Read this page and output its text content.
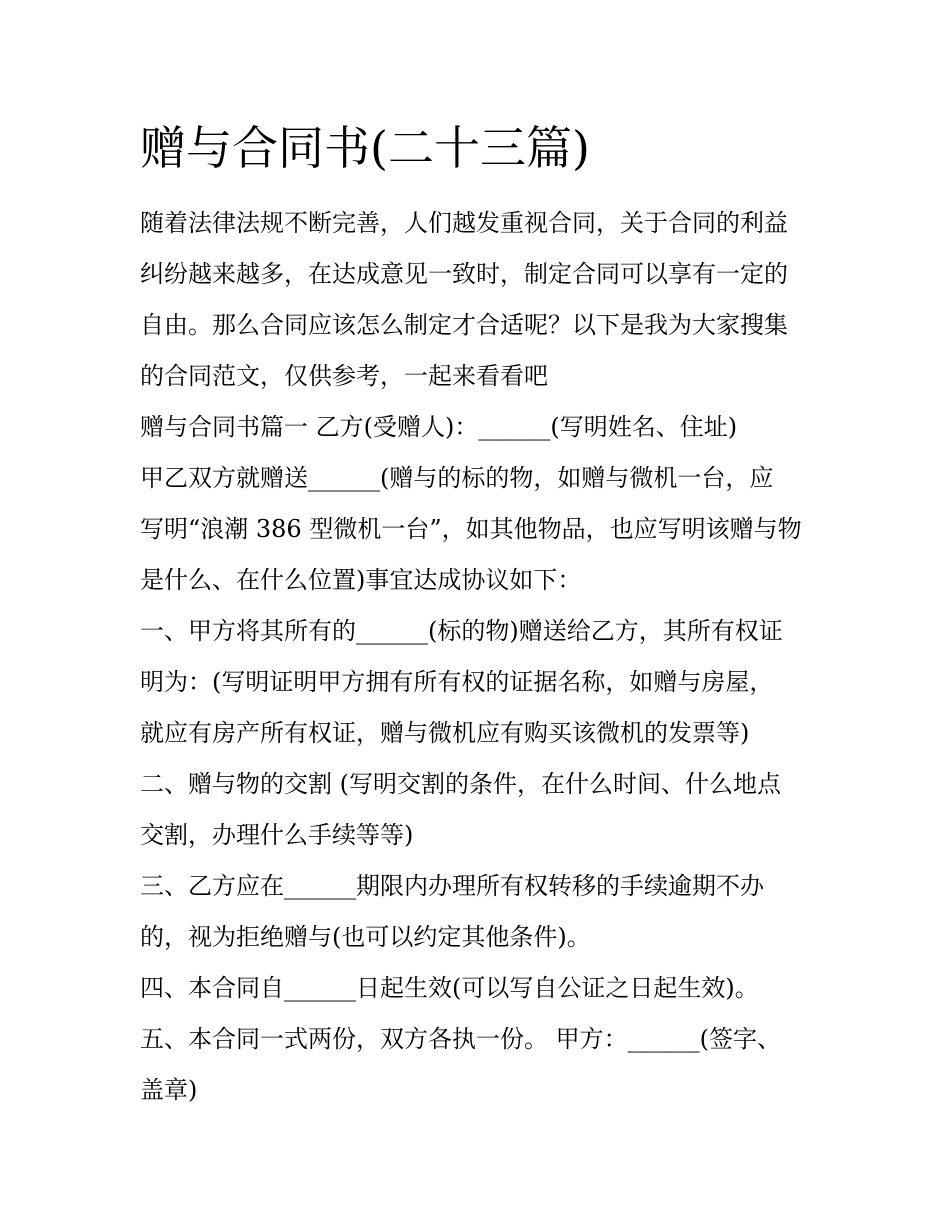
赠与合同书(二十三篇)
随着法律法规不断完善，人们越发重视合同，关于合同的利益
纠纷越来越多，在达成意见一致时，制定合同可以享有一定的
自由。那么合同应该怎么制定才合适呢？以下是我为大家搜集
的合同范文，仅供参考，一起来看看吧
赠与合同书篇一 乙方(受赠人)：______(写明姓名、住址)
甲乙双方就赠送______(赠与的标的物，如赠与微机一台，应
写明“浪潮 386 型微机一台”，如其他物品，也应写明该赠与物
是什么、在什么位置)事宜达成协议如下：
一、甲方将其所有的______(标的物)赠送给乙方，其所有权证
明为：(写明证明甲方拥有所有权的证据名称，如赠与房屋，
就应有房产所有权证，赠与微机应有购买该微机的发票等)
二、赠与物的交割 (写明交割的条件，在什么时间、什么地点
交割，办理什么手续等等)
三、乙方应在______期限内办理所有权转移的手续逾期不办
的，视为拒绝赠与(也可以约定其他条件)。
四、本合同自______日起生效(可以写自公证之日起生效)。
五、本合同一式两份，双方各执一份。 甲方：______(签字、
盖章)
